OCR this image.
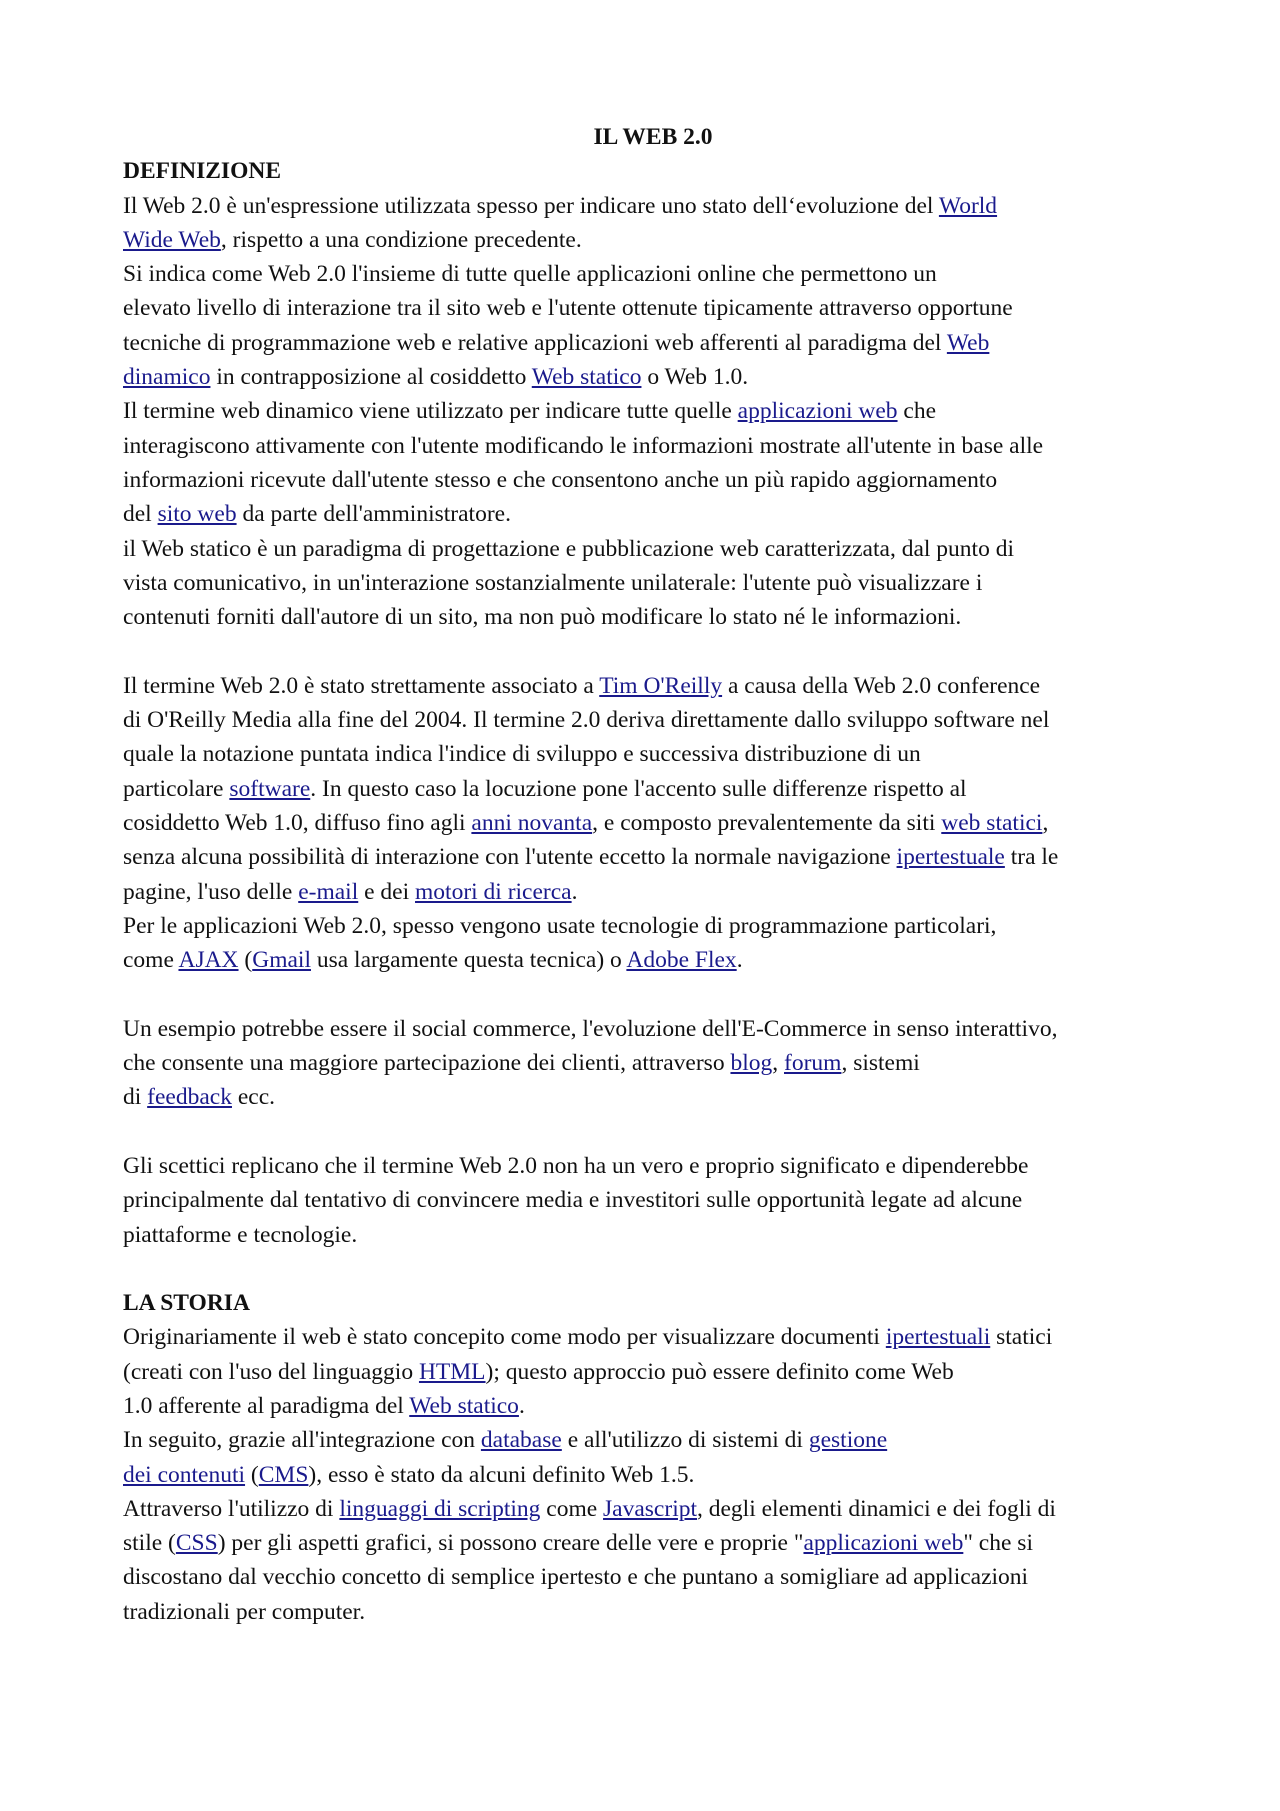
IL WEB 2.0

DEFINIZIONE

Il Web 2.0 è un'espressione utilizzata spesso per indicare uno stato dell‘evoluzione del World

Wide Web, rispetto a una condizione precedente.

Si indica come Web 2.0 l'insieme di tutte quelle applicazioni online che permettono un

elevato livello di interazione tra il sito web e l'utente ottenute tipicamente attraverso opportune

tecniche di programmazione web e relative applicazioni web afferenti al paradigma del Web

dinamico in contrapposizione al cosiddetto Web statico o Web 1.0.

Il termine web dinamico viene utilizzato per indicare tutte quelle applicazioni web che

interagiscono attivamente con l'utente modificando le informazioni mostrate all'utente in base alle

informazioni ricevute dall'utente stesso e che consentono anche un più rapido aggiornamento

del sito web da parte dell'amministratore.

il Web statico è un paradigma di progettazione e pubblicazione web caratterizzata, dal punto di

vista comunicativo, in un'interazione sostanzialmente unilaterale: l'utente può visualizzare i

contenuti forniti dall'autore di un sito, ma non può modificare lo stato né le informazioni.

Il termine Web 2.0 è stato strettamente associato a Tim O'Reilly a causa della Web 2.0 conference

di O'Reilly Media alla fine del 2004. Il termine 2.0 deriva direttamente dallo sviluppo software nel

quale la notazione puntata indica l'indice di sviluppo e successiva distribuzione di un

particolare software. In questo caso la locuzione pone l'accento sulle differenze rispetto al

cosiddetto Web 1.0, diffuso fino agli anni novanta, e composto prevalentemente da siti web statici,

senza alcuna possibilità di interazione con l'utente eccetto la normale navigazione ipertestuale tra le

pagine, l'uso delle e-mail e dei motori di ricerca.

Per le applicazioni Web 2.0, spesso vengono usate tecnologie di programmazione particolari,

come AJAX (Gmail usa largamente questa tecnica) o Adobe Flex.

Un esempio potrebbe essere il social commerce, l'evoluzione dell'E-Commerce in senso interattivo,

che consente una maggiore partecipazione dei clienti, attraverso blog, forum, sistemi

di feedback ecc.

Gli scettici replicano che il termine Web 2.0 non ha un vero e proprio significato e dipenderebbe

principalmente dal tentativo di convincere media e investitori sulle opportunità legate ad alcune

piattaforme e tecnologie.

LA STORIA

Originariamente il web è stato concepito come modo per visualizzare documenti ipertestuali statici

(creati con l'uso del linguaggio HTML); questo approccio può essere definito come Web

1.0 afferente al paradigma del Web statico.

In seguito, grazie all'integrazione con database e all'utilizzo di sistemi di gestione

dei contenuti (CMS), esso è stato da alcuni definito Web 1.5.

Attraverso l'utilizzo di linguaggi di scripting come Javascript, degli elementi dinamici e dei fogli di

stile (CSS) per gli aspetti grafici, si possono creare delle vere e proprie "applicazioni web" che si

discostano dal vecchio concetto di semplice ipertesto e che puntano a somigliare ad applicazioni

tradizionali per computer.
